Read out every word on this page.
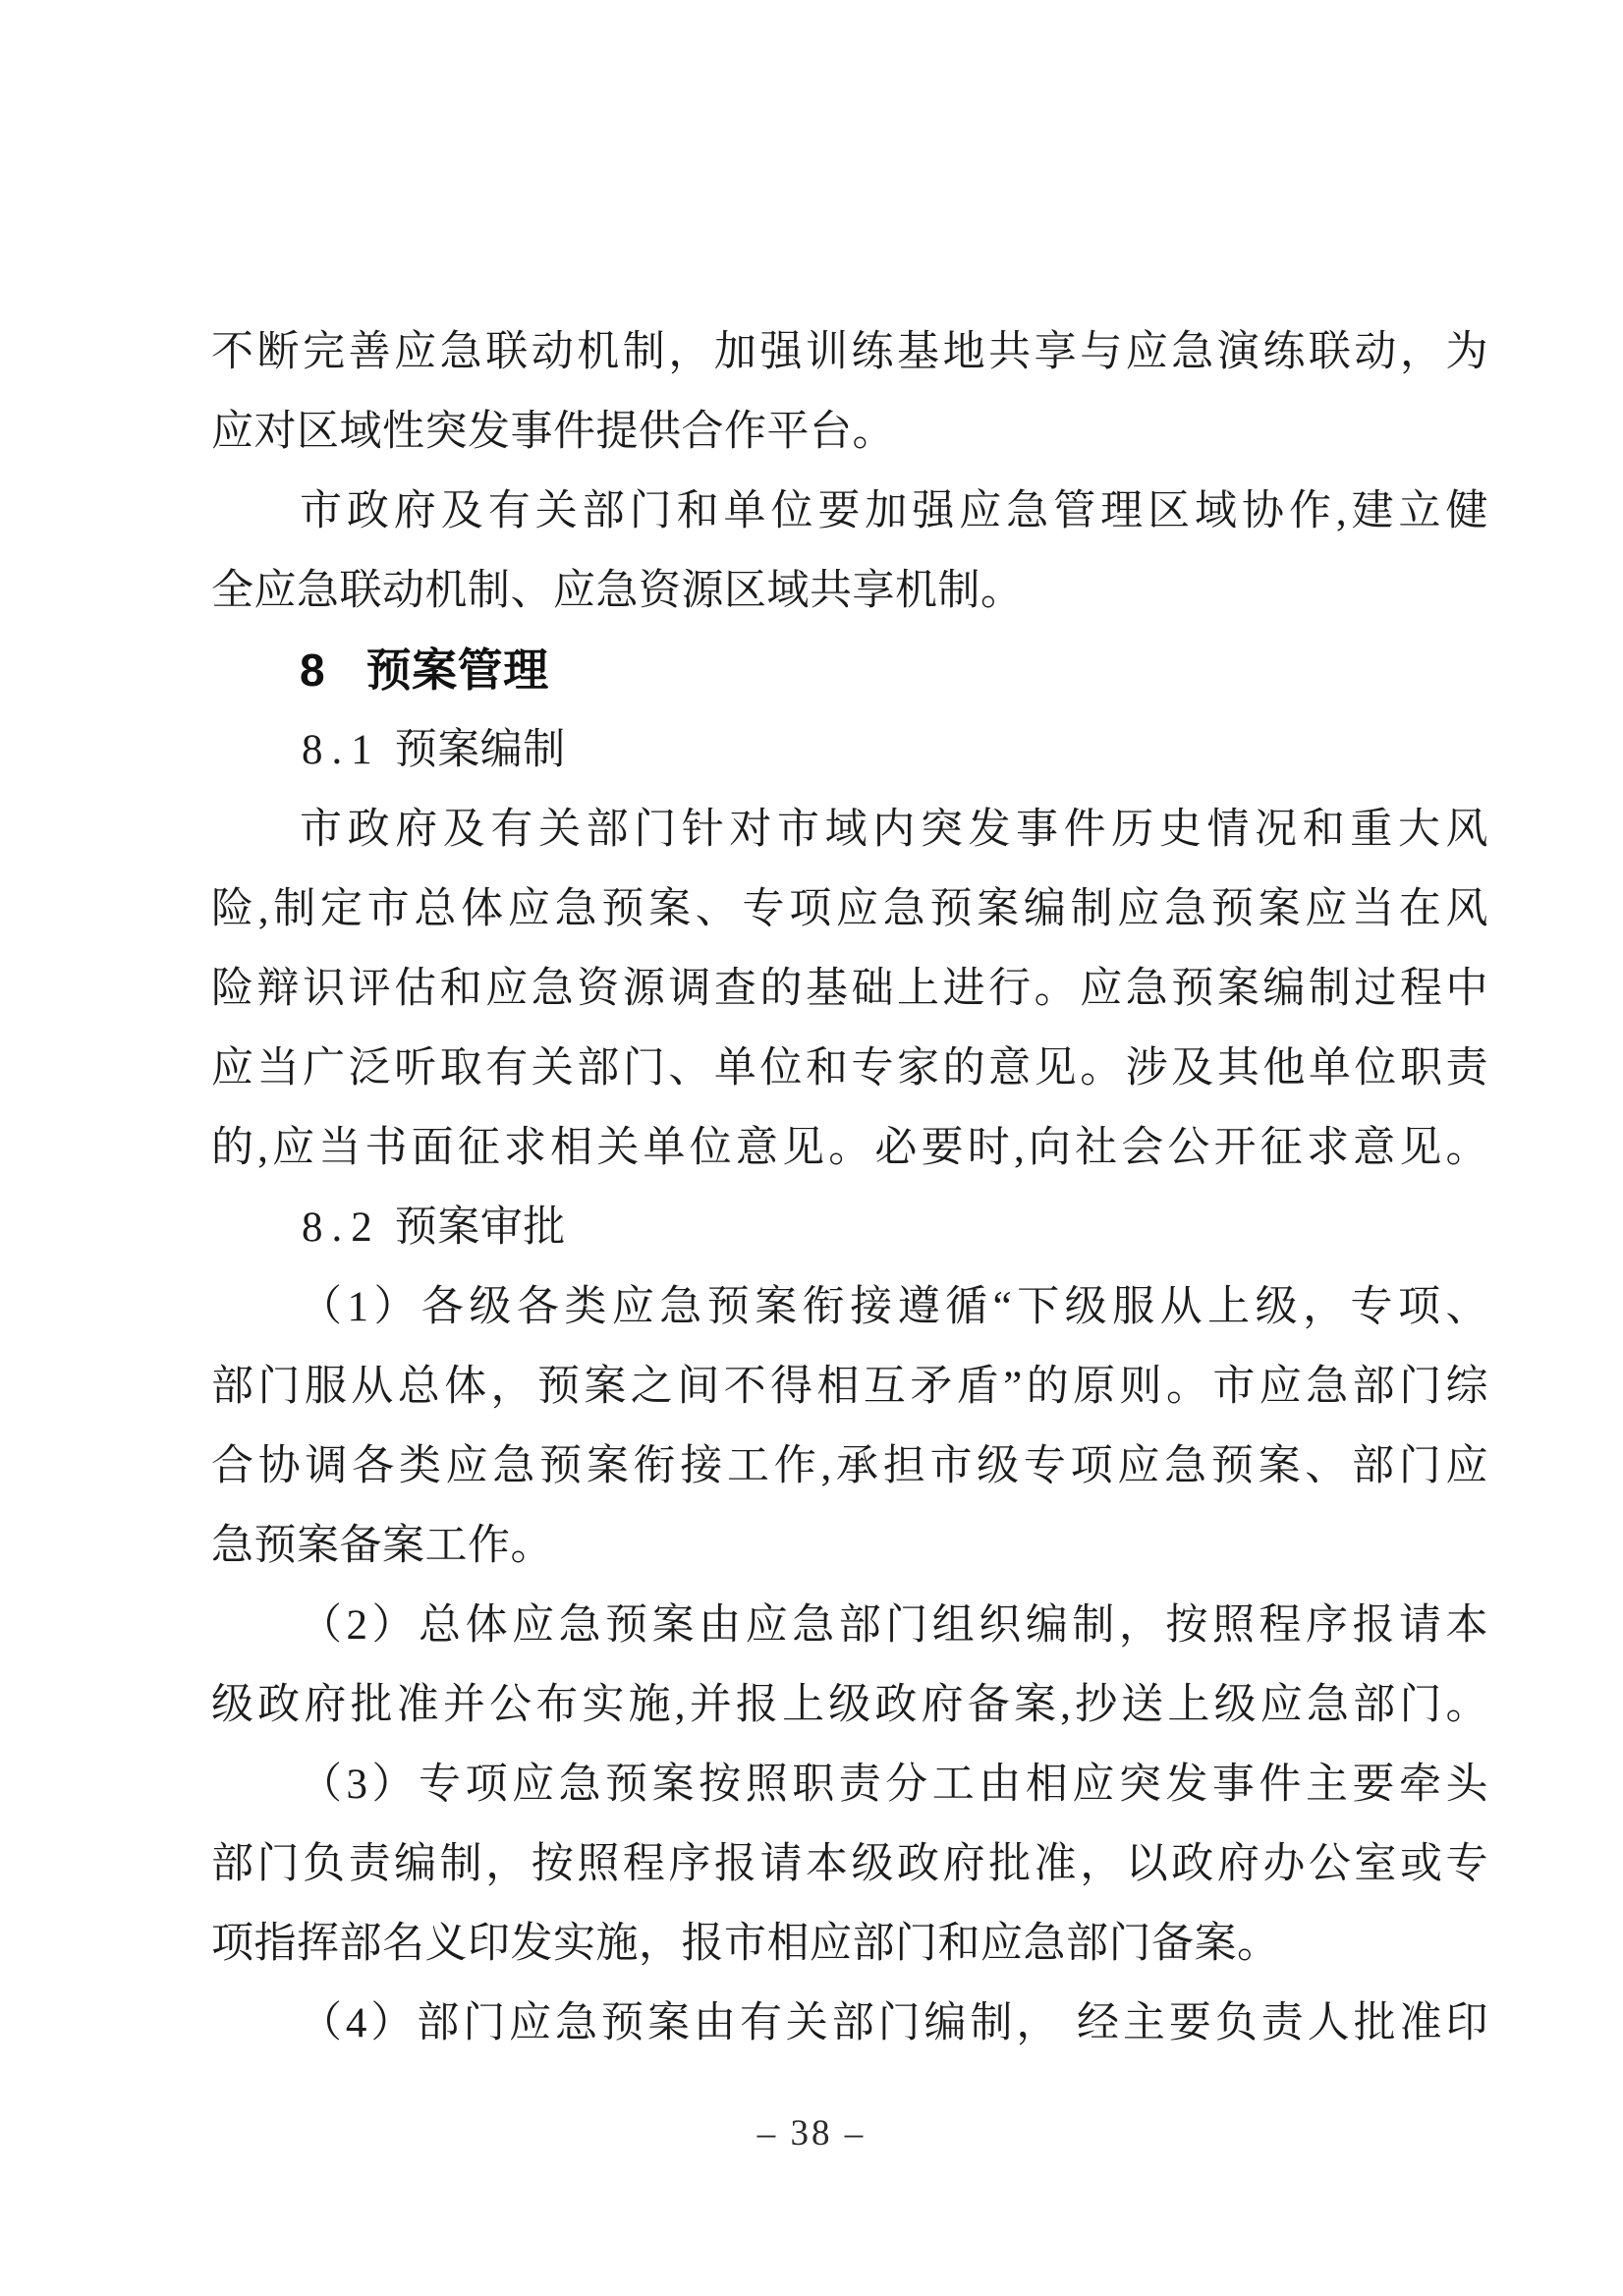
不断完善应急联动机制，加强训练基地共享与应急演练联动，为
应对区域性突发事件提供合作平台。
市政府及有关部门和单位要加强应急管理区域协作,建立健
全应急联动机制、应急资源区域共享机制。
8 预案管理
8.1 预案编制
市政府及有关部门针对市域内突发事件历史情况和重大风
险,制定市总体应急预案、专项应急预案编制应急预案应当在风
险辩识评估和应急资源调查的基础上进行。应急预案编制过程中
应当广泛听取有关部门、单位和专家的意见。涉及其他单位职责
的,应当书面征求相关单位意见。必要时,向社会公开征求意见。
8.2 预案审批
（1）各级各类应急预案衔接遵循“下级服从上级，专项、
部门服从总体，预案之间不得相互矛盾”的原则。市应急部门综
合协调各类应急预案衔接工作,承担市级专项应急预案、部门应
急预案备案工作。
（2）总体应急预案由应急部门组织编制，按照程序报请本
级政府批准并公布实施,并报上级政府备案,抄送上级应急部门。
（3）专项应急预案按照职责分工由相应突发事件主要牵头
部门负责编制，按照程序报请本级政府批准，以政府办公室或专
项指挥部名义印发实施，报市相应部门和应急部门备案。
（4）部门应急预案由有关部门编制， 经主要负责人批准印
– 38 –
